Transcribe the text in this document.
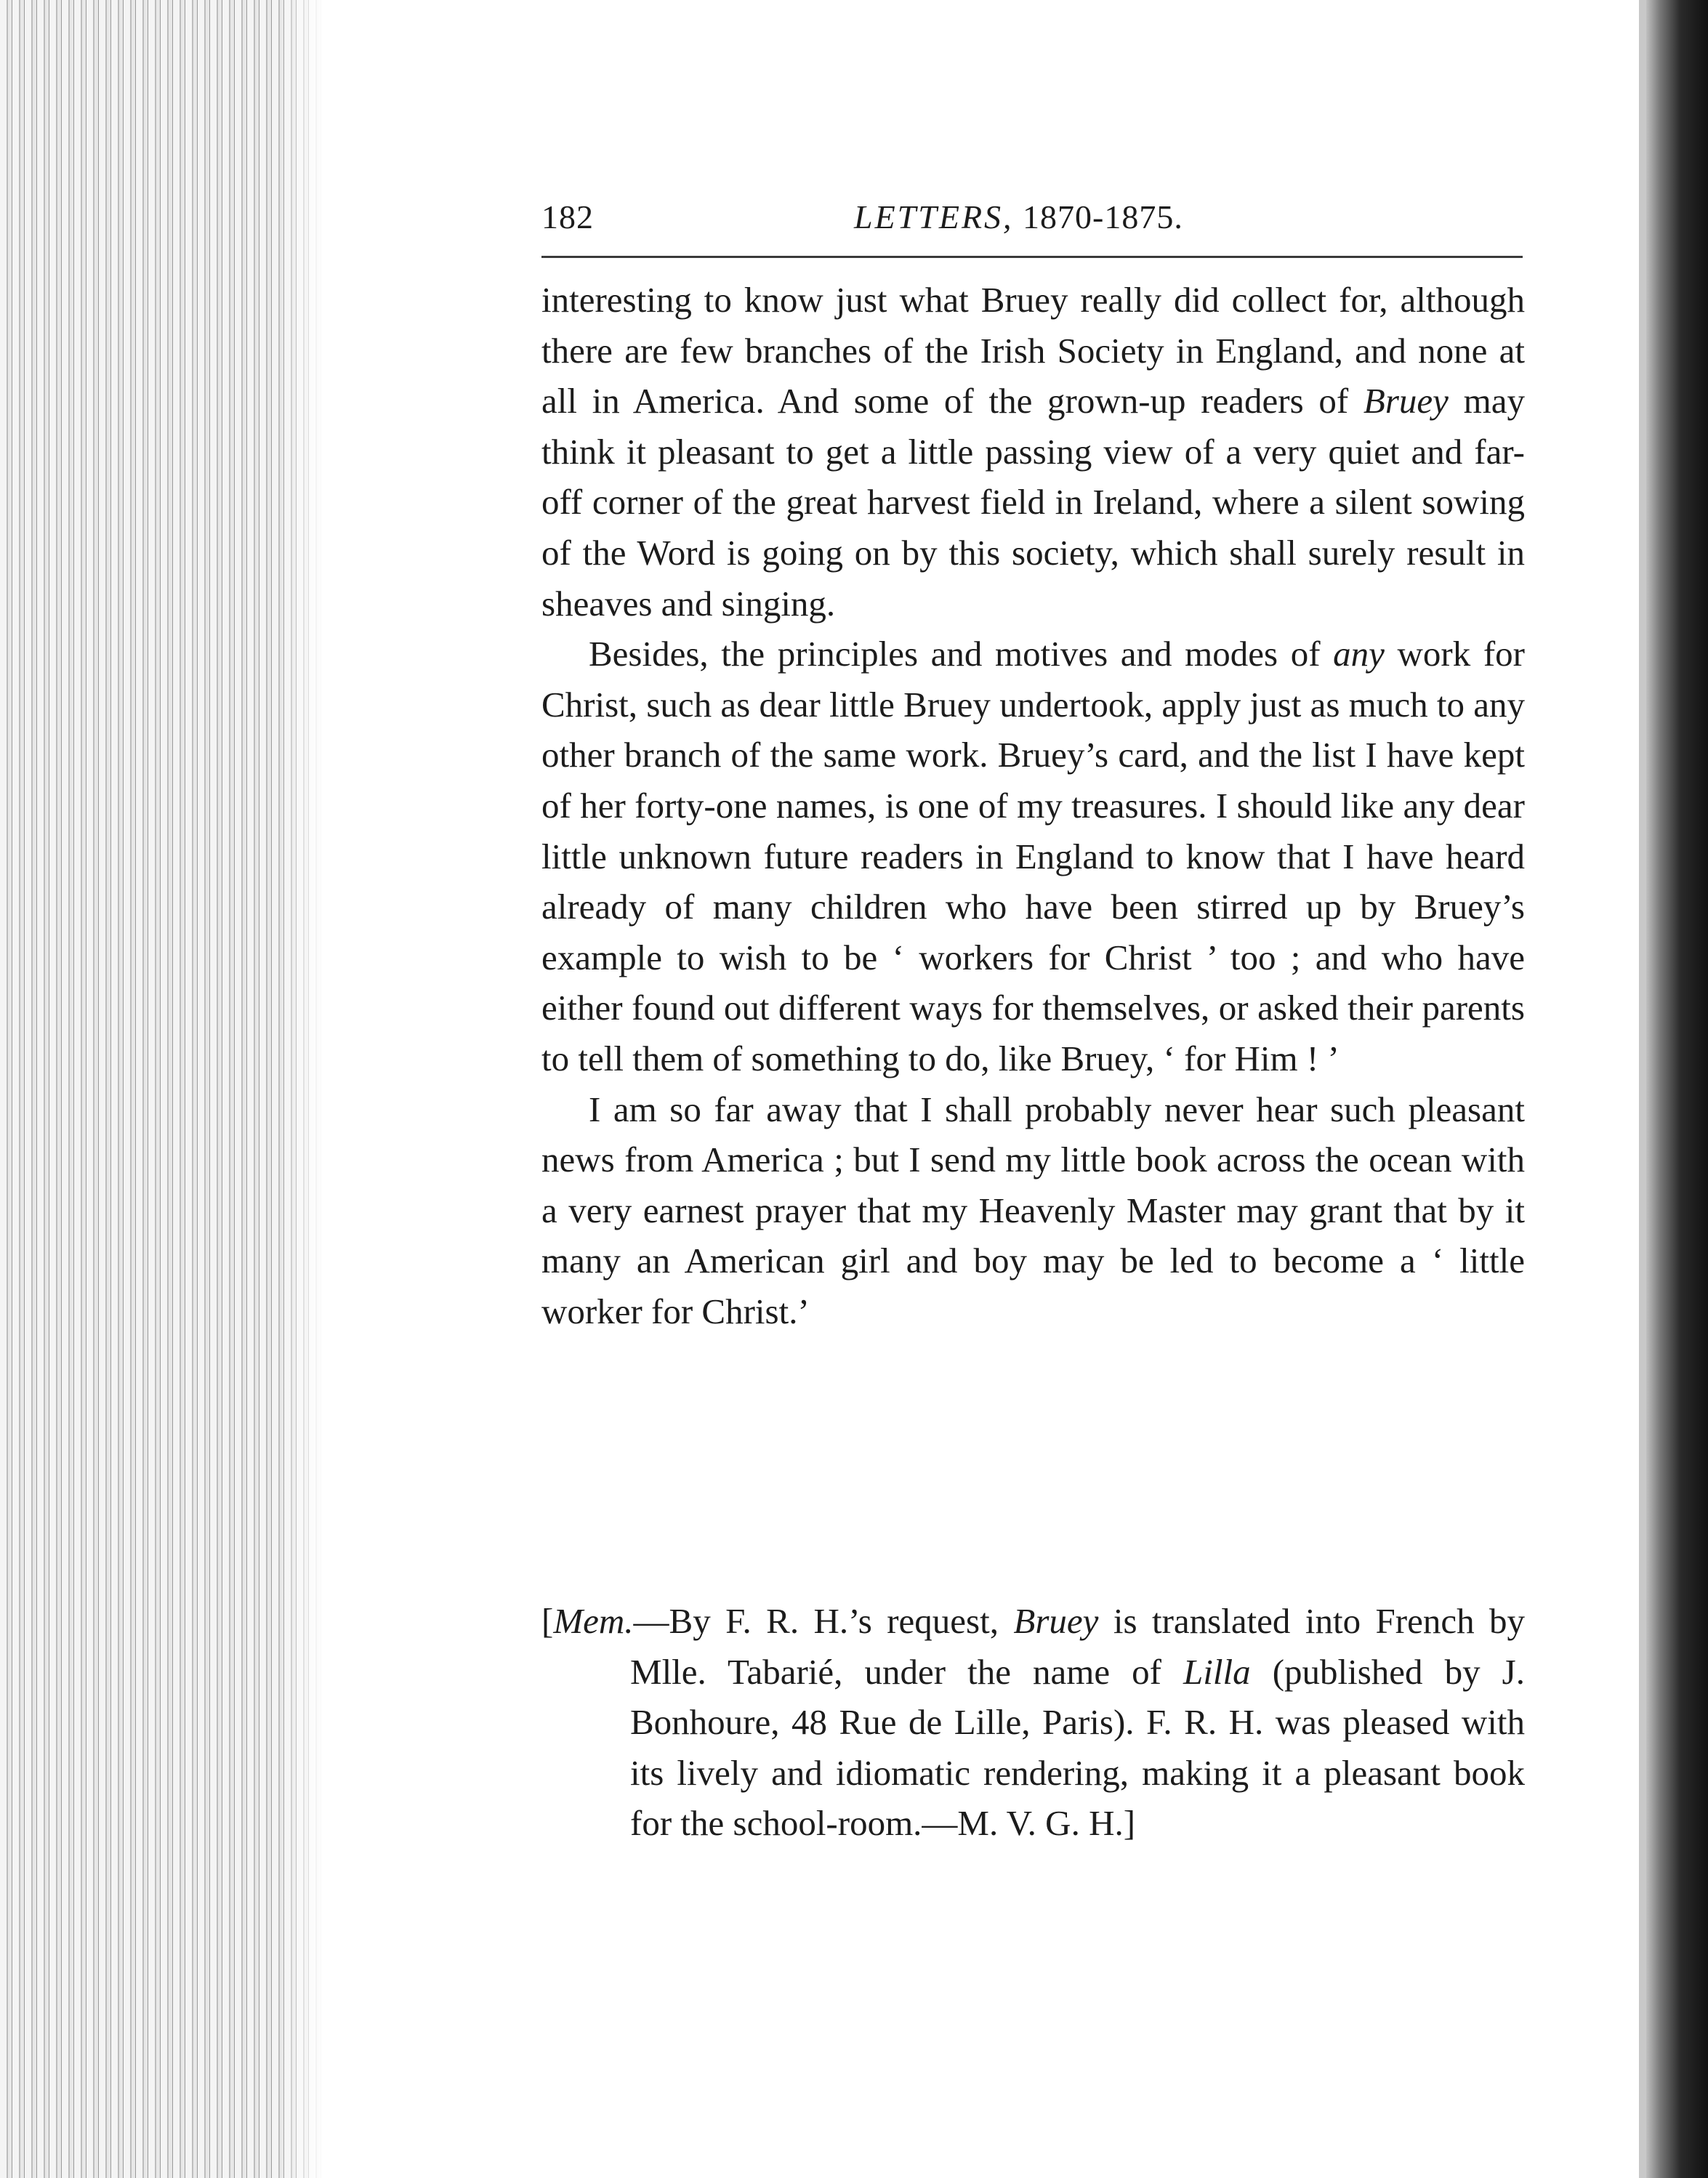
182	LETTERS, 1870-1875.

interesting to know just what Bruey really did collect for, although there are few branches of the Irish Society in England, and none at all in America. And some of the grown-up readers of Bruey may think it pleasant to get a little passing view of a very quiet and far-off corner of the great harvest field in Ireland, where a silent sowing of the Word is going on by this society, which shall surely result in sheaves and singing.

Besides, the principles and motives and modes of any work for Christ, such as dear little Bruey undertook, apply just as much to any other branch of the same work. Bruey’s card, and the list I have kept of her forty-one names, is one of my treasures. I should like any dear little unknown future readers in England to know that I have heard already of many children who have been stirred up by Bruey’s example to wish to be ‘ workers for Christ ’ too ; and who have either found out different ways for themselves, or asked their parents to tell them of something to do, like Bruey, ‘ for Him ! ’

I am so far away that I shall probably never hear such pleasant news from America ; but I send my little book across the ocean with a very earnest prayer that my Heavenly Master may grant that by it many an American girl and boy may be led to become a ‘ little worker for Christ.’

[Mem.—By F. R. H.’s request, Bruey is translated into French by Mlle. Tabarié, under the name of Lilla (published by J. Bonhoure, 48 Rue de Lille, Paris). F. R. H. was pleased with its lively and idiomatic rendering, making it a pleasant book for the school-room.—M. V. G. H.]
